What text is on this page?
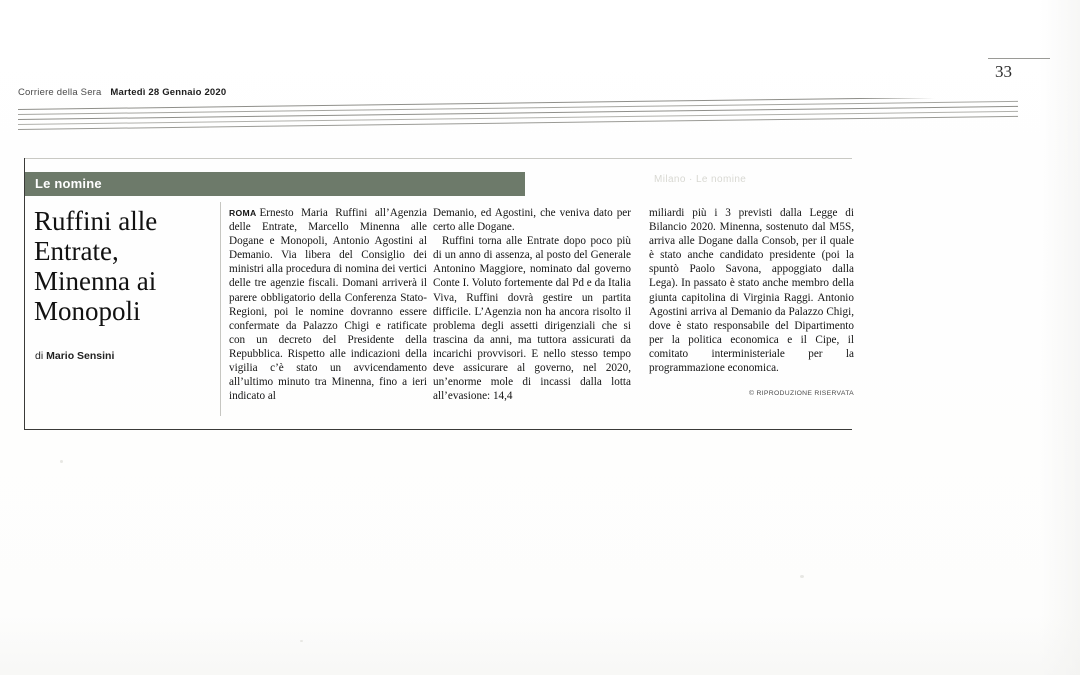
33
Corriere della Sera Martedì 28 Gennaio 2020
Le nomine	Milano · Le nomine
Ruffini alle Entrate, Minenna ai Monopoli
di Mario Sensini

ROMA Ernesto Maria Ruffini all’Agenzia delle Entrate, Marcello Minenna alle Dogane e Monopoli, Antonio Agostini al Demanio. Via libera del Consiglio dei ministri alla procedura di nomina dei vertici delle tre agenzie fiscali. Domani arriverà il parere obbligatorio della Conferenza Stato-Regioni, poi le nomine dovranno essere confermate da Palazzo Chigi e ratificate con un decreto del Presidente della Repubblica. Rispetto alle indicazioni della vigilia c’è stato un avvicendamento all’ultimo minuto tra Minenna, fino a ieri indicato al

Demanio, ed Agostini, che veniva dato per certo alle Dogane.

Ruffini torna alle Entrate dopo poco più di un anno di assenza, al posto del Generale Antonino Maggiore, nominato dal governo Conte I. Voluto fortemente dal Pd e da Italia Viva, Ruffini dovrà gestire un partita difficile. L’Agenzia non ha ancora risolto il problema degli assetti dirigenziali che si trascina da anni, ma tuttora assicurati da incarichi provvisori. E nello stesso tempo deve assicurare al governo, nel 2020, un’enorme mole di incassi dalla lotta all’evasione: 14,4

miliardi più i 3 previsti dalla Legge di Bilancio 2020. Minenna, sostenuto dal M5S, arriva alle Dogane dalla Consob, per il quale è stato anche candidato presidente (poi la spuntò Paolo Savona, appoggiato dalla Lega). In passato è stato anche membro della giunta capitolina di Virginia Raggi. Antonio Agostini arriva al Demanio da Palazzo Chigi, dove è stato responsabile del Dipartimento per la politica economica e il Cipe, il comitato interministeriale per la programmazione economica.

© RIPRODUZIONE RISERVATA
